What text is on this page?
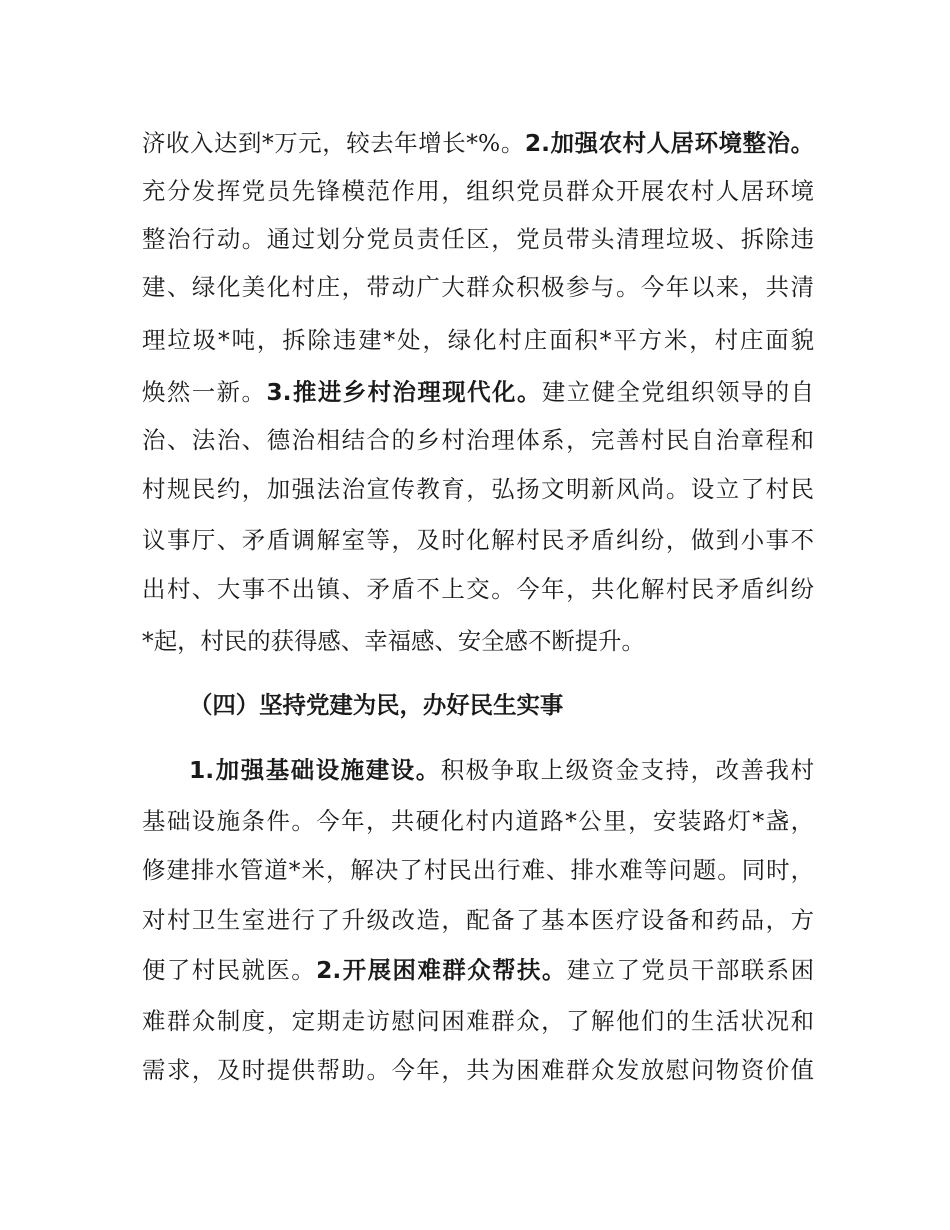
济收入达到*万元，较去年增长*%。2.加强农村人居环境整治。
充分发挥党员先锋模范作用，组织党员群众开展农村人居环境
整治行动。通过划分党员责任区，党员带头清理垃圾、拆除违
建、绿化美化村庄，带动广大群众积极参与。今年以来，共清
理垃圾*吨，拆除违建*处，绿化村庄面积*平方米，村庄面貌
焕然一新。3.推进乡村治理现代化。建立健全党组织领导的自
治、法治、德治相结合的乡村治理体系，完善村民自治章程和
村规民约，加强法治宣传教育，弘扬文明新风尚。设立了村民
议事厅、矛盾调解室等，及时化解村民矛盾纠纷，做到小事不
出村、大事不出镇、矛盾不上交。今年，共化解村民矛盾纠纷
*起，村民的获得感、幸福感、安全感不断提升。
（四）坚持党建为民，办好民生实事
1.加强基础设施建设。积极争取上级资金支持，改善我村
基础设施条件。今年，共硬化村内道路*公里，安装路灯*盏，
修建排水管道*米，解决了村民出行难、排水难等问题。同时，
对村卫生室进行了升级改造，配备了基本医疗设备和药品，方
便了村民就医。2.开展困难群众帮扶。建立了党员干部联系困
难群众制度，定期走访慰问困难群众，了解他们的生活状况和
需求，及时提供帮助。今年，共为困难群众发放慰问物资价值
